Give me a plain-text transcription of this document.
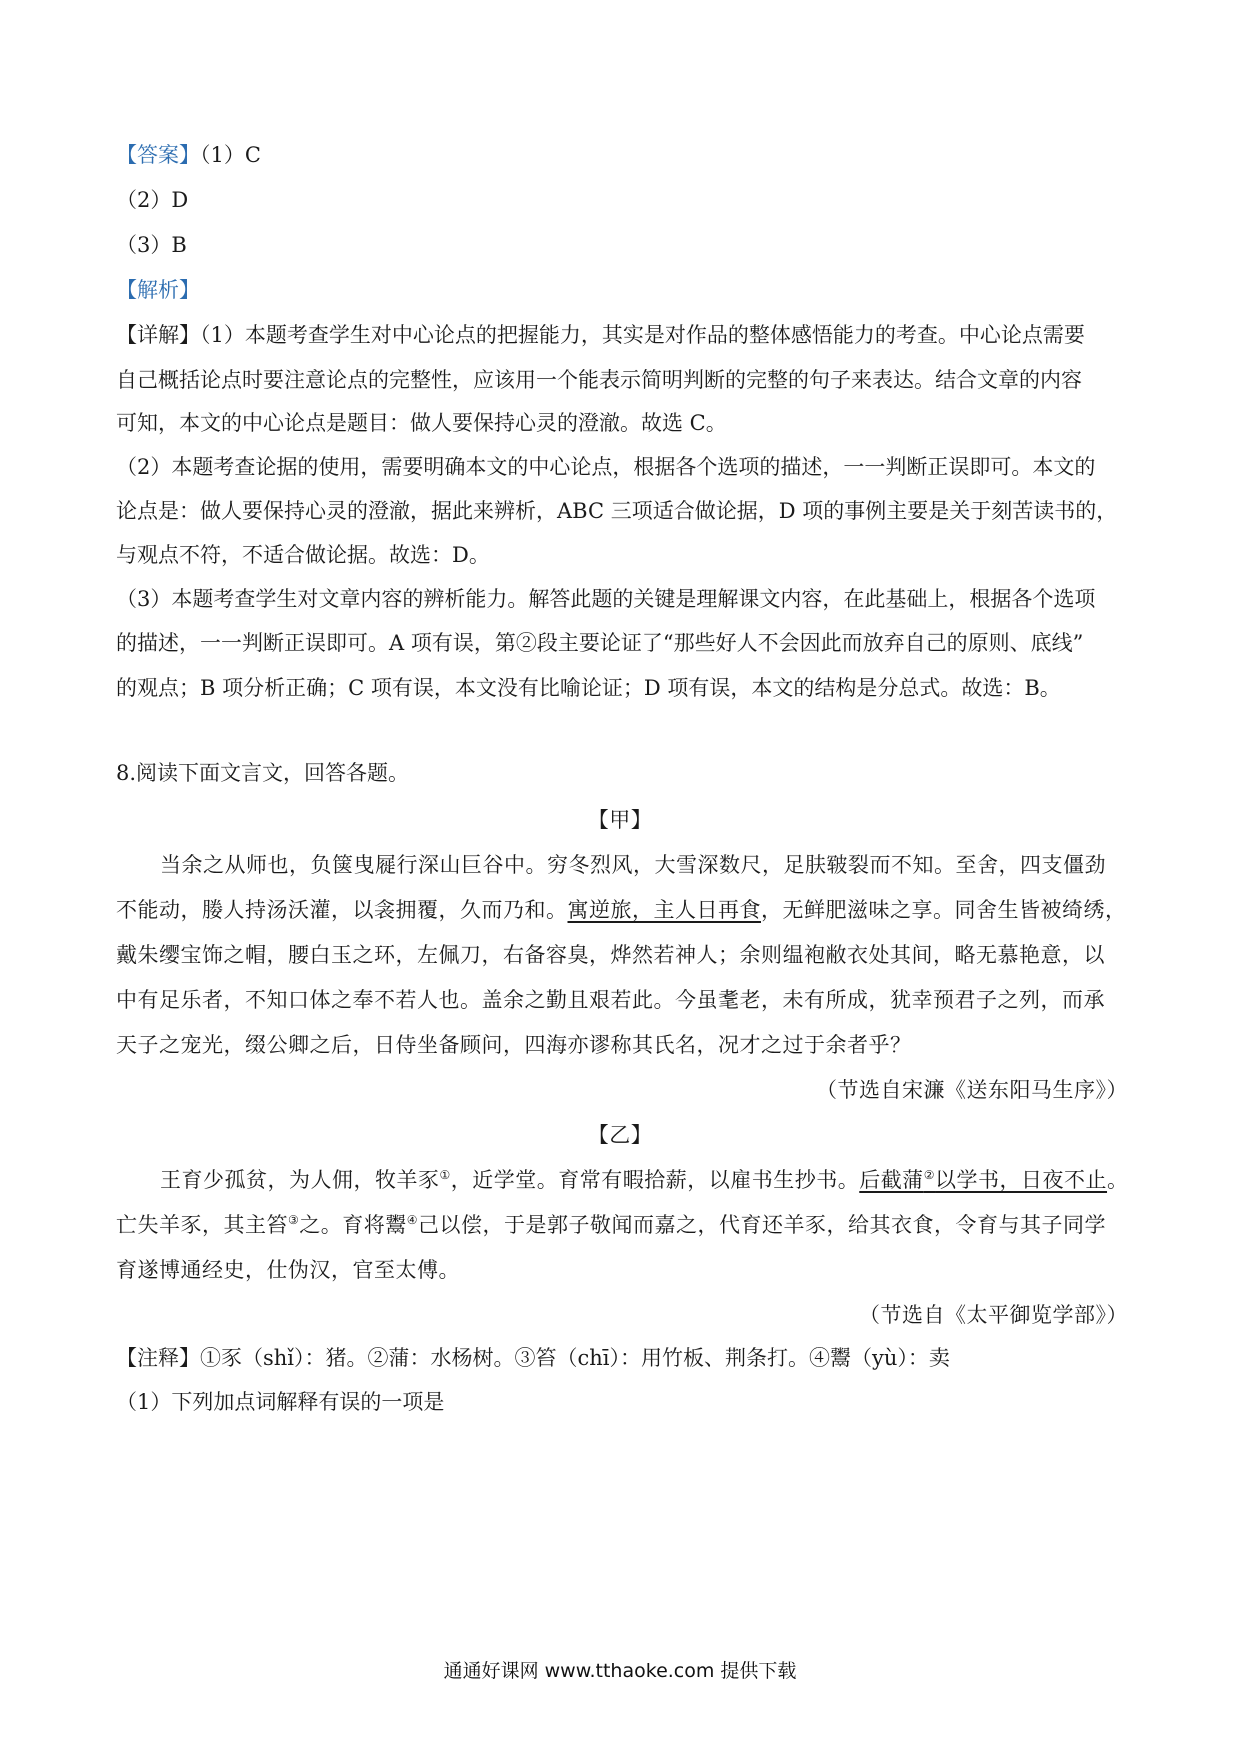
【答案】（1）C
（2）D
（3）B
【解析】
【详解】（1）本题考查学生对中心论点的把握能力，其实是对作品的整体感悟能力的考查。中心论点需要
自己概括论点时要注意论点的完整性，应该用一个能表示简明判断的完整的句子来表达。结合文章的内容
可知，本文的中心论点是题目：做人要保持心灵的澄澈。故选 C。
（2）本题考查论据的使用，需要明确本文的中心论点，根据各个选项的描述，一一判断正误即可。本文的
论点是：做人要保持心灵的澄澈，据此来辨析，ABC 三项适合做论据，D 项的事例主要是关于刻苦读书的，
与观点不符，不适合做论据。故选：D。
（3）本题考查学生对文章内容的辨析能力。解答此题的关键是理解课文内容，在此基础上，根据各个选项
的描述，一一判断正误即可。A 项有误，第②段主要论证了“那些好人不会因此而放弃自己的原则、底线”
的观点；B 项分析正确；C 项有误，本文没有比喻论证；D 项有误，本文的结构是分总式。故选：B。
8.阅读下面文言文，回答各题。
【甲】
当余之从师也，负箧曳屣行深山巨谷中。穷冬烈风，大雪深数尺，足肤皲裂而不知。至舍，四支僵劲
不能动，媵人持汤沃灌，以衾拥覆，久而乃和。寓逆旅，主人日再食，无鲜肥滋味之享。同舍生皆被绮绣，
戴朱缨宝饰之帽，腰白玉之环，左佩刀，右备容臭，烨然若神人；余则缊袍敝衣处其间，略无慕艳意，以
中有足乐者，不知口体之奉不若人也。盖余之勤且艰若此。今虽耄老，未有所成，犹幸预君子之列，而承
天子之宠光，缀公卿之后，日侍坐备顾问，四海亦谬称其氏名，况才之过于余者乎？
（节选自宋濂《送东阳马生序》）
【乙】
王育少孤贫，为人佣，牧羊豕①，近学堂。育常有暇拾薪，以雇书生抄书。后截蒲②以学书，日夜不止。
亡失羊豕，其主笞③之。育将鬻④己以偿，于是郭子敬闻而嘉之，代育还羊豕，给其衣食，令育与其子同学
育遂博通经史，仕伪汉，官至太傅。
（节选自《太平御览学部》）
【注释】①豕（shǐ）：猪。②蒲：水杨树。③笞（chī）：用竹板、荆条打。④鬻（yù）：卖
（1）下列加点词解释有误的一项是
通通好课网 www.tthaoke.com 提供下载
